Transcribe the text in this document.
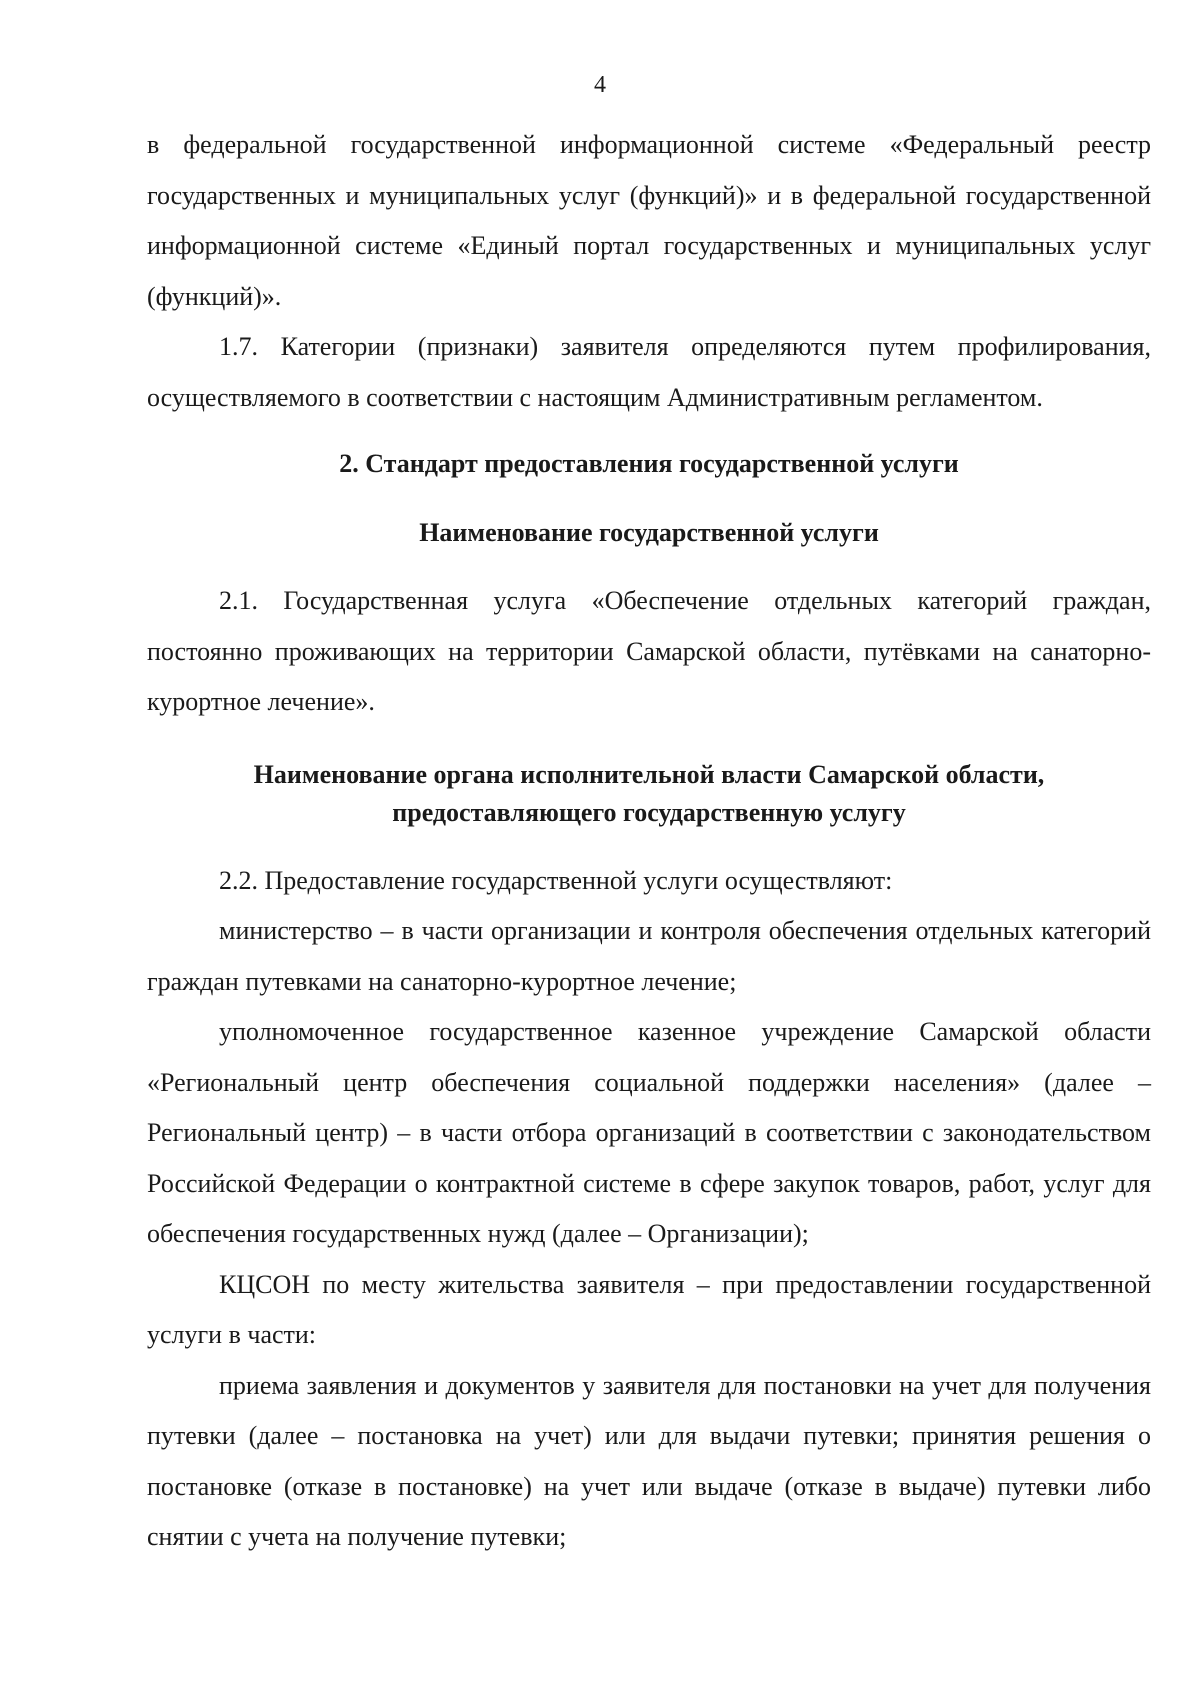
4

в федеральной государственной информационной системе «Федеральный реестр государственных и муниципальных услуг (функций)» и в федеральной государственной информационной системе «Единый портал государственных и муниципальных услуг (функций)».

1.7. Категории (признаки) заявителя определяются путем профилирования, осуществляемого в соответствии с настоящим Административным регламентом.

2. Стандарт предоставления государственной услуги
Наименование государственной услуги

2.1. Государственная услуга «Обеспечение отдельных категорий граждан, постоянно проживающих на территории Самарской области, путёвками на санаторно-курортное лечение».

Наименование органа исполнительной власти Самарской области,
предоставляющего государственную услугу

2.2. Предоставление государственной услуги осуществляют:

министерство – в части организации и контроля обеспечения отдельных категорий граждан путевками на санаторно-курортное лечение;

уполномоченное государственное казенное учреждение Самарской области «Региональный центр обеспечения социальной поддержки населения» (далее – Региональный центр) – в части отбора организаций в соответствии с законодательством Российской Федерации о контрактной системе в сфере закупок товаров, работ, услуг для обеспечения государственных нужд (далее – Организации);

КЦСОН по месту жительства заявителя – при предоставлении государственной услуги в части:

приема заявления и документов у заявителя для постановки на учет для получения путевки (далее – постановка на учет) или для выдачи путевки; принятия решения о постановке (отказе в постановке) на учет или выдаче (отказе в выдаче) путевки либо снятии с учета на получение путевки;
